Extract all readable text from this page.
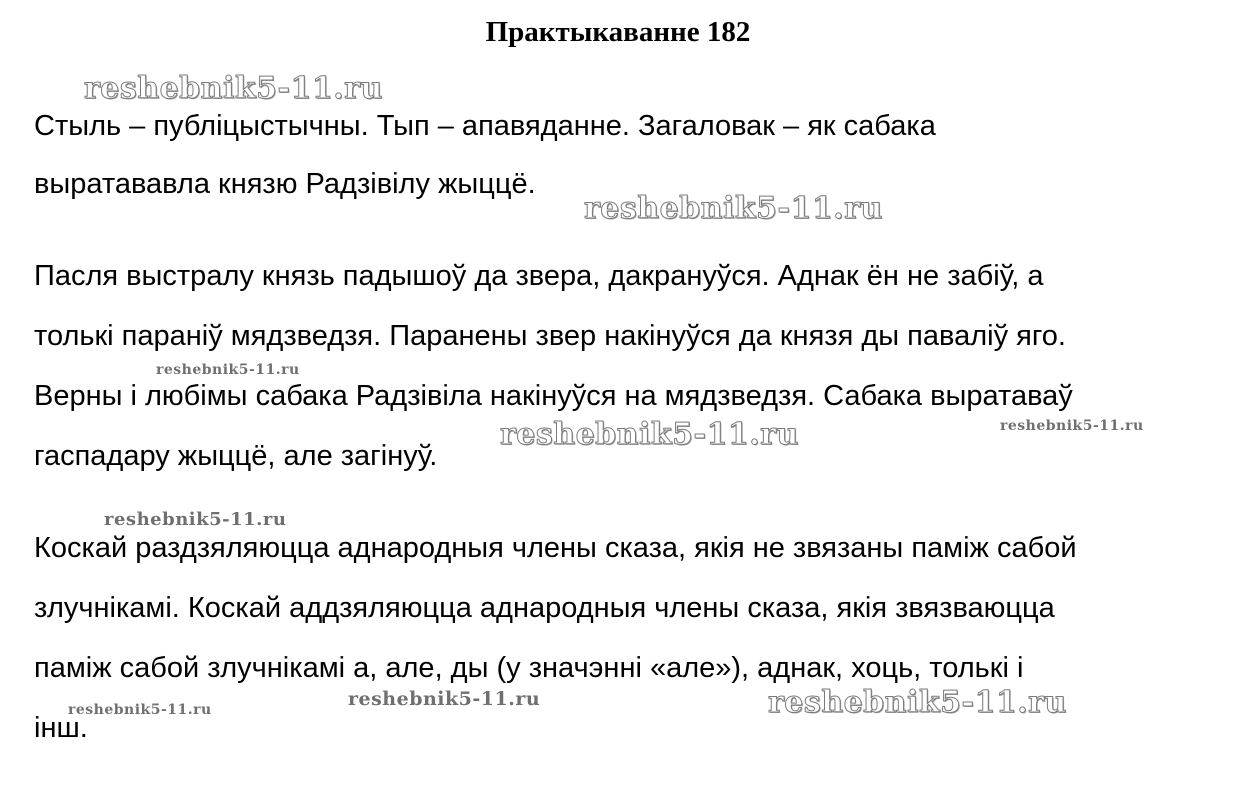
Практыкаванне 182
Стыль – публіцыстычны. Тып – апавяданне. Загаловак – як сабака
выратававла князю Радзівілу жыццё.
Пасля выстралу князь падышоў да звера, дакрануўся. Аднак ён не забіў, а
толькі параніў мядзведзя. Паранены звер накінуўся да князя ды паваліў яго.
Верны і любімы сабака Радзівіла накінуўся на мядзведзя. Сабака выратаваў
гаспадару жыццё, але загінуў.
Коскай раздзяляюцца аднародныя члены сказа, якія не звязаны паміж сабой
злучнікамі. Коскай аддзяляюцца аднародныя члены сказа, якія звязваюцца
паміж сабой злучнікамі а, але, ды (у значэнні «але»), аднак, хоць, толькі і
інш.
reshebnik5-11.ru
reshebnik5-11.ru
reshebnik5-11.ru
reshebnik5-11.ru	reshebnik5-11.ru
reshebnik5-11.ru
reshebnik5-11.ru	reshebnik5-11.ru	reshebnik5-11.ru
